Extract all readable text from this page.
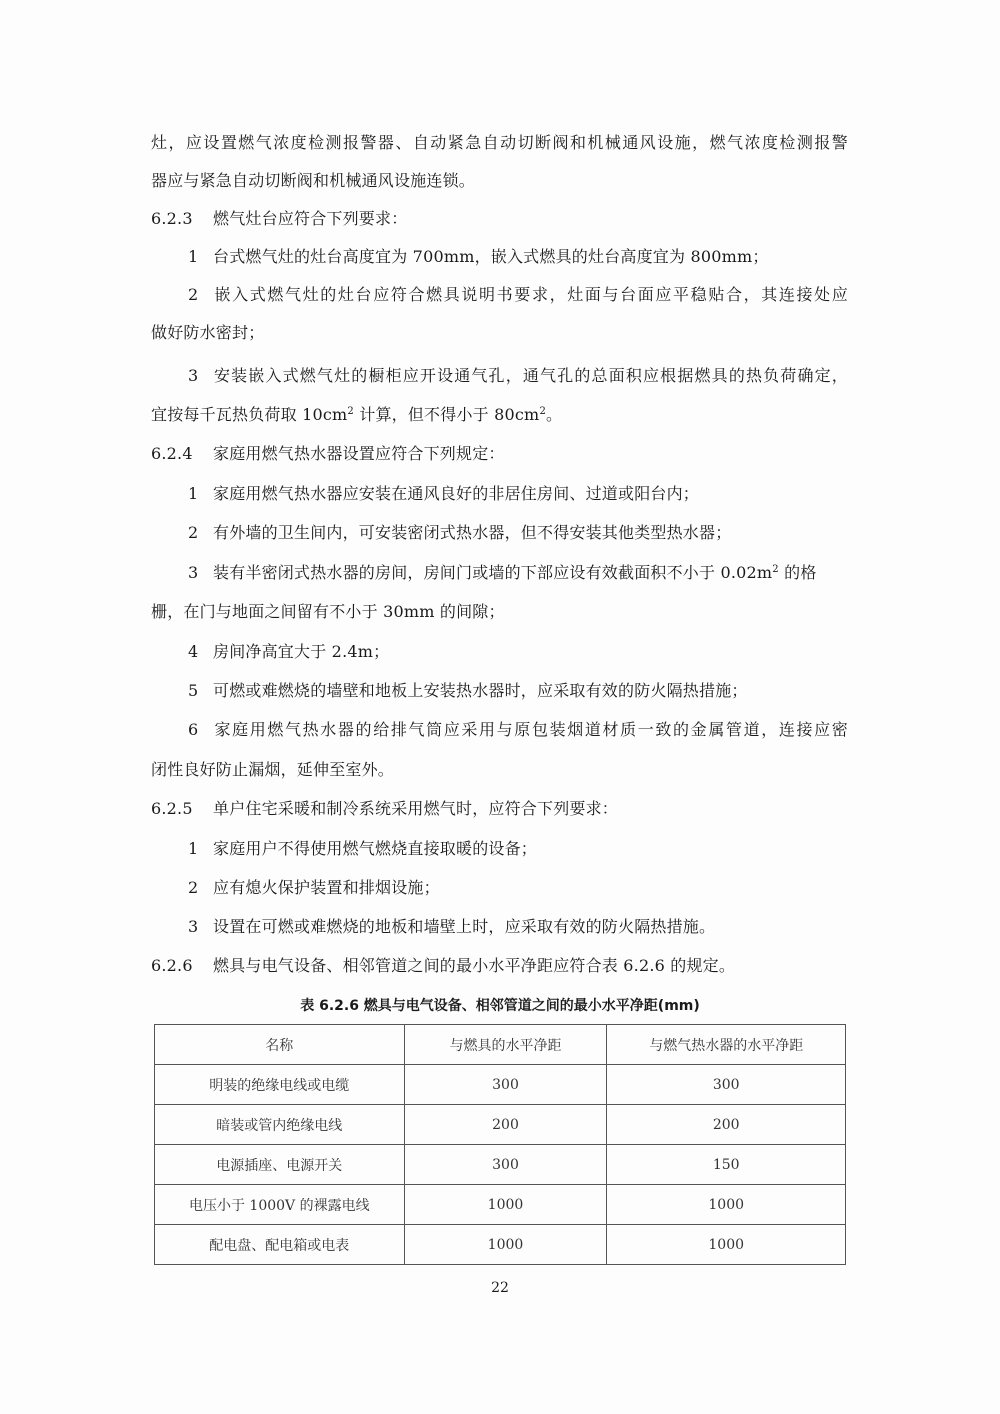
灶，应设置燃气浓度检测报警器、自动紧急自动切断阀和机械通风设施，燃气浓度检测报警
器应与紧急自动切断阀和机械通风设施连锁。
6.2.3 燃气灶台应符合下列要求：
1 台式燃气灶的灶台高度宜为 700mm，嵌入式燃具的灶台高度宜为 800mm；
2 嵌入式燃气灶的灶台应符合燃具说明书要求，灶面与台面应平稳贴合，其连接处应
做好防水密封；
3 安装嵌入式燃气灶的橱柜应开设通气孔，通气孔的总面积应根据燃具的热负荷确定，
宜按每千瓦热负荷取 $10cm^2$ 计算，但不得小于 $80cm^2$。
6.2.4 家庭用燃气热水器设置应符合下列规定：
1 家庭用燃气热水器应安装在通风良好的非居住房间、过道或阳台内；
2 有外墙的卫生间内，可安装密闭式热水器，但不得安装其他类型热水器；
3 装有半密闭式热水器的房间，房间门或墙的下部应设有效截面积不小于 $0.02m^2$ 的格
栅，在门与地面之间留有不小于 30mm 的间隙；
4 房间净高宜大于 2.4m；
5 可燃或难燃烧的墙壁和地板上安装热水器时，应采取有效的防火隔热措施；
6 家庭用燃气热水器的给排气筒应采用与原包装烟道材质一致的金属管道，连接应密
闭性良好防止漏烟，延伸至室外。
6.2.5 单户住宅采暖和制冷系统采用燃气时，应符合下列要求：
1 家庭用户不得使用燃气燃烧直接取暖的设备；
2 应有熄火保护装置和排烟设施；
3 设置在可燃或难燃烧的地板和墙壁上时，应采取有效的防火隔热措施。
6.2.6 燃具与电气设备、相邻管道之间的最小水平净距应符合表 6.2.6 的规定。
表 6.2.6 燃具与电气设备、相邻管道之间的最小水平净距(mm)
名称	与燃具的水平净距	与燃气热水器的水平净距
明装的绝缘电线或电缆	300	300
暗装或管内绝缘电线	200	200
电源插座、电源开关	300	150
电压小于 1000V 的裸露电线	1000	1000
配电盘、配电箱或电表	1000	1000
22
